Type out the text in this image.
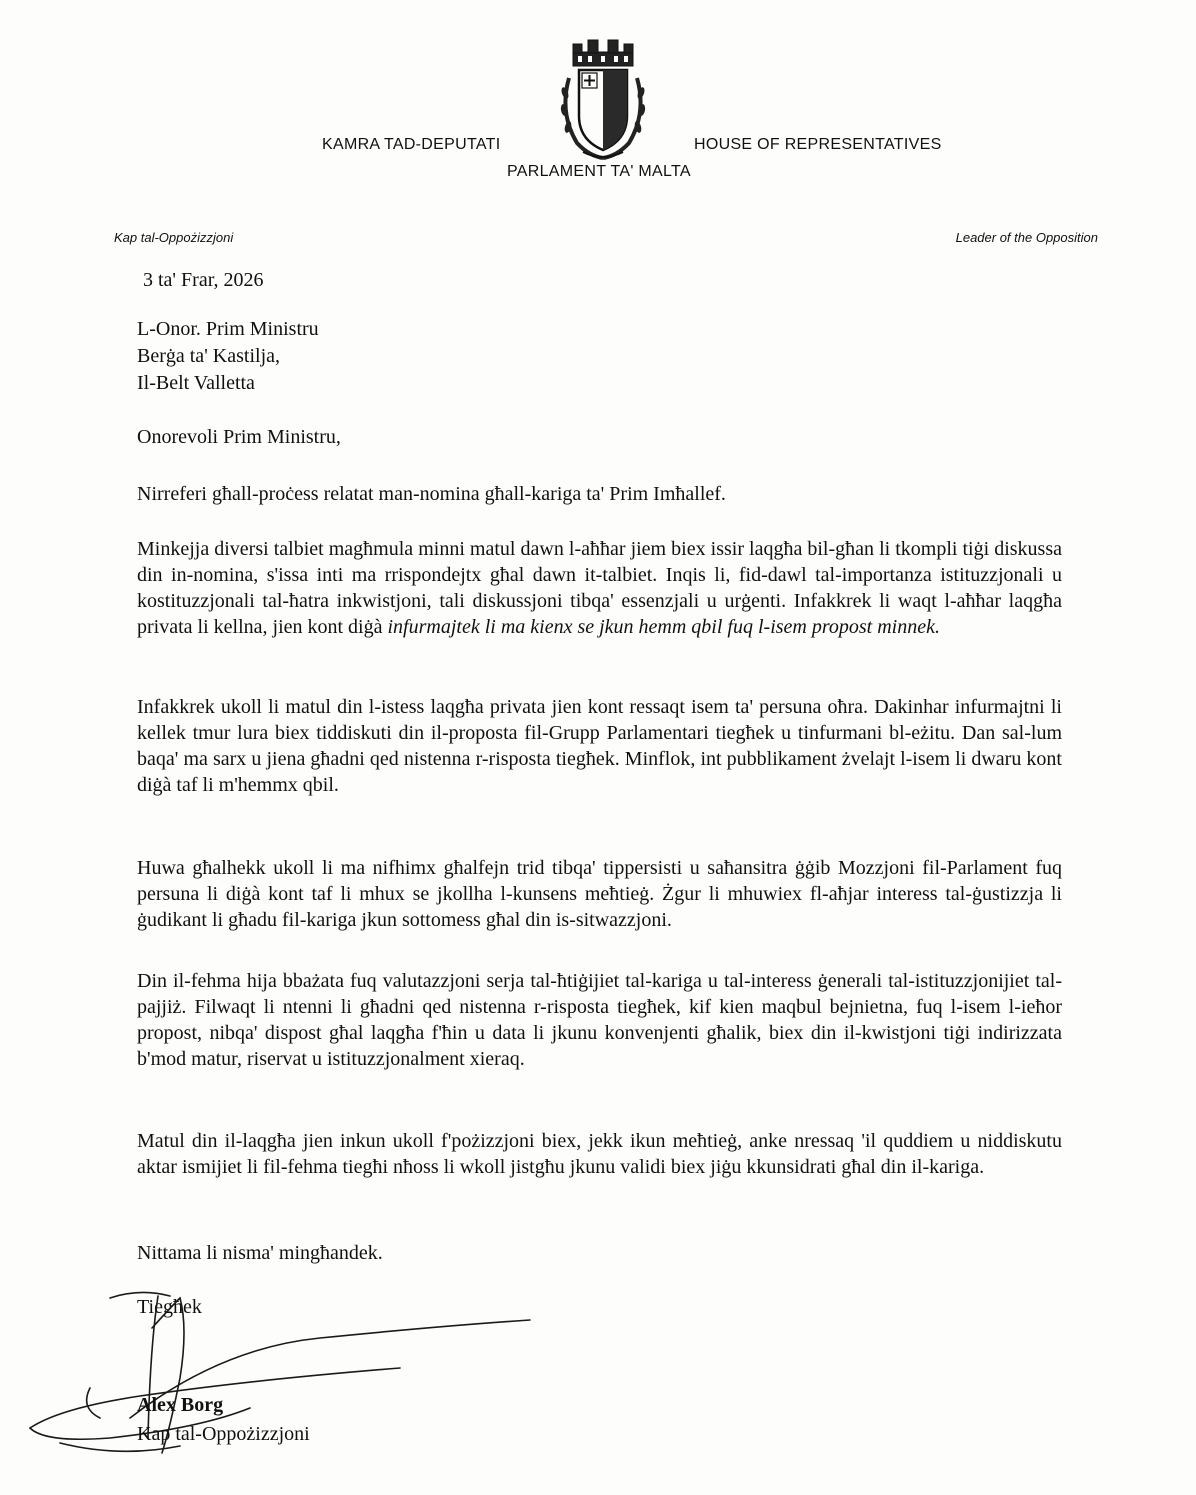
KAMRA TAD-DEPUTATI	HOUSE OF REPRESENTATIVES
PARLAMENT TA' MALTA
Kap tal-Oppożizzjoni	Leader of the Opposition
3 ta' Frar, 2026
L-Onor. Prim Ministru
Berġa ta' Kastilja,
Il-Belt Valletta
Onorevoli Prim Ministru,
Nirreferi għall-proċess relatat man-nomina għall-kariga ta' Prim Imħallef.
Minkejja diversi talbiet magħmula minni matul dawn l-aħħar jiem biex issir laqgħa bil-għan li tkompli tiġi diskussa din in-nomina, s'issa inti ma rrispondejtx għal dawn it-talbiet. Inqis li, fid-dawl tal-importanza istituzzjonali u kostituzzjonali tal-ħatra inkwistjoni, tali diskussjoni tibqa' essenzjali u urġenti. Infakkrek li waqt l-aħħar laqgħa privata li kellna, jien kont diġà infurmajtek li ma kienx se jkun hemm qbil fuq l-isem propost minnek.
Infakkrek ukoll li matul din l-istess laqgħa privata jien kont ressaqt isem ta' persuna oħra. Dakinhar infurmajtni li kellek tmur lura biex tiddiskuti din il-proposta fil-Grupp Parlamentari tiegħek u tinfurmani bl-eżitu. Dan sal-lum baqa' ma sarx u jiena għadni qed nistenna r-risposta tiegħek. Minflok, int pubblikament żvelajt l-isem li dwaru kont diġà taf li m'hemmx qbil.
Huwa għalhekk ukoll li ma nifhimx għalfejn trid tibqa' tippersisti u saħansitra ġġib Mozzjoni fil-Parlament fuq persuna li diġà kont taf li mhux se jkollha l-kunsens meħtieġ. Żgur li mhuwiex fl-aħjar interess tal-ġustizzja li ġudikant li għadu fil-kariga jkun sottomess għal din is-sitwazzjoni.
Din il-fehma hija bbażata fuq valutazzjoni serja tal-ħtiġijiet tal-kariga u tal-interess ġenerali tal-istituzzjonijiet tal-pajjiż. Filwaqt li ntenni li għadni qed nistenna r-risposta tiegħek, kif kien maqbul bejnietna, fuq l-isem l-ieħor propost, nibqa' dispost għal laqgħa f'ħin u data li jkunu konvenjenti għalik, biex din il-kwistjoni tiġi indirizzata b'mod matur, riservat u istituzzjonalment xieraq.
Matul din il-laqgħa jien inkun ukoll f'pożizzjoni biex, jekk ikun meħtieġ, anke nressaq 'il quddiem u niddiskutu aktar ismijiet li fil-fehma tiegħi nħoss li wkoll jistgħu jkunu validi biex jiġu kkunsidrati għal din il-kariga.
Nittama li nisma' mingħandek.
Tiegħek
Alex Borg
Kap tal-Oppożizzjoni
